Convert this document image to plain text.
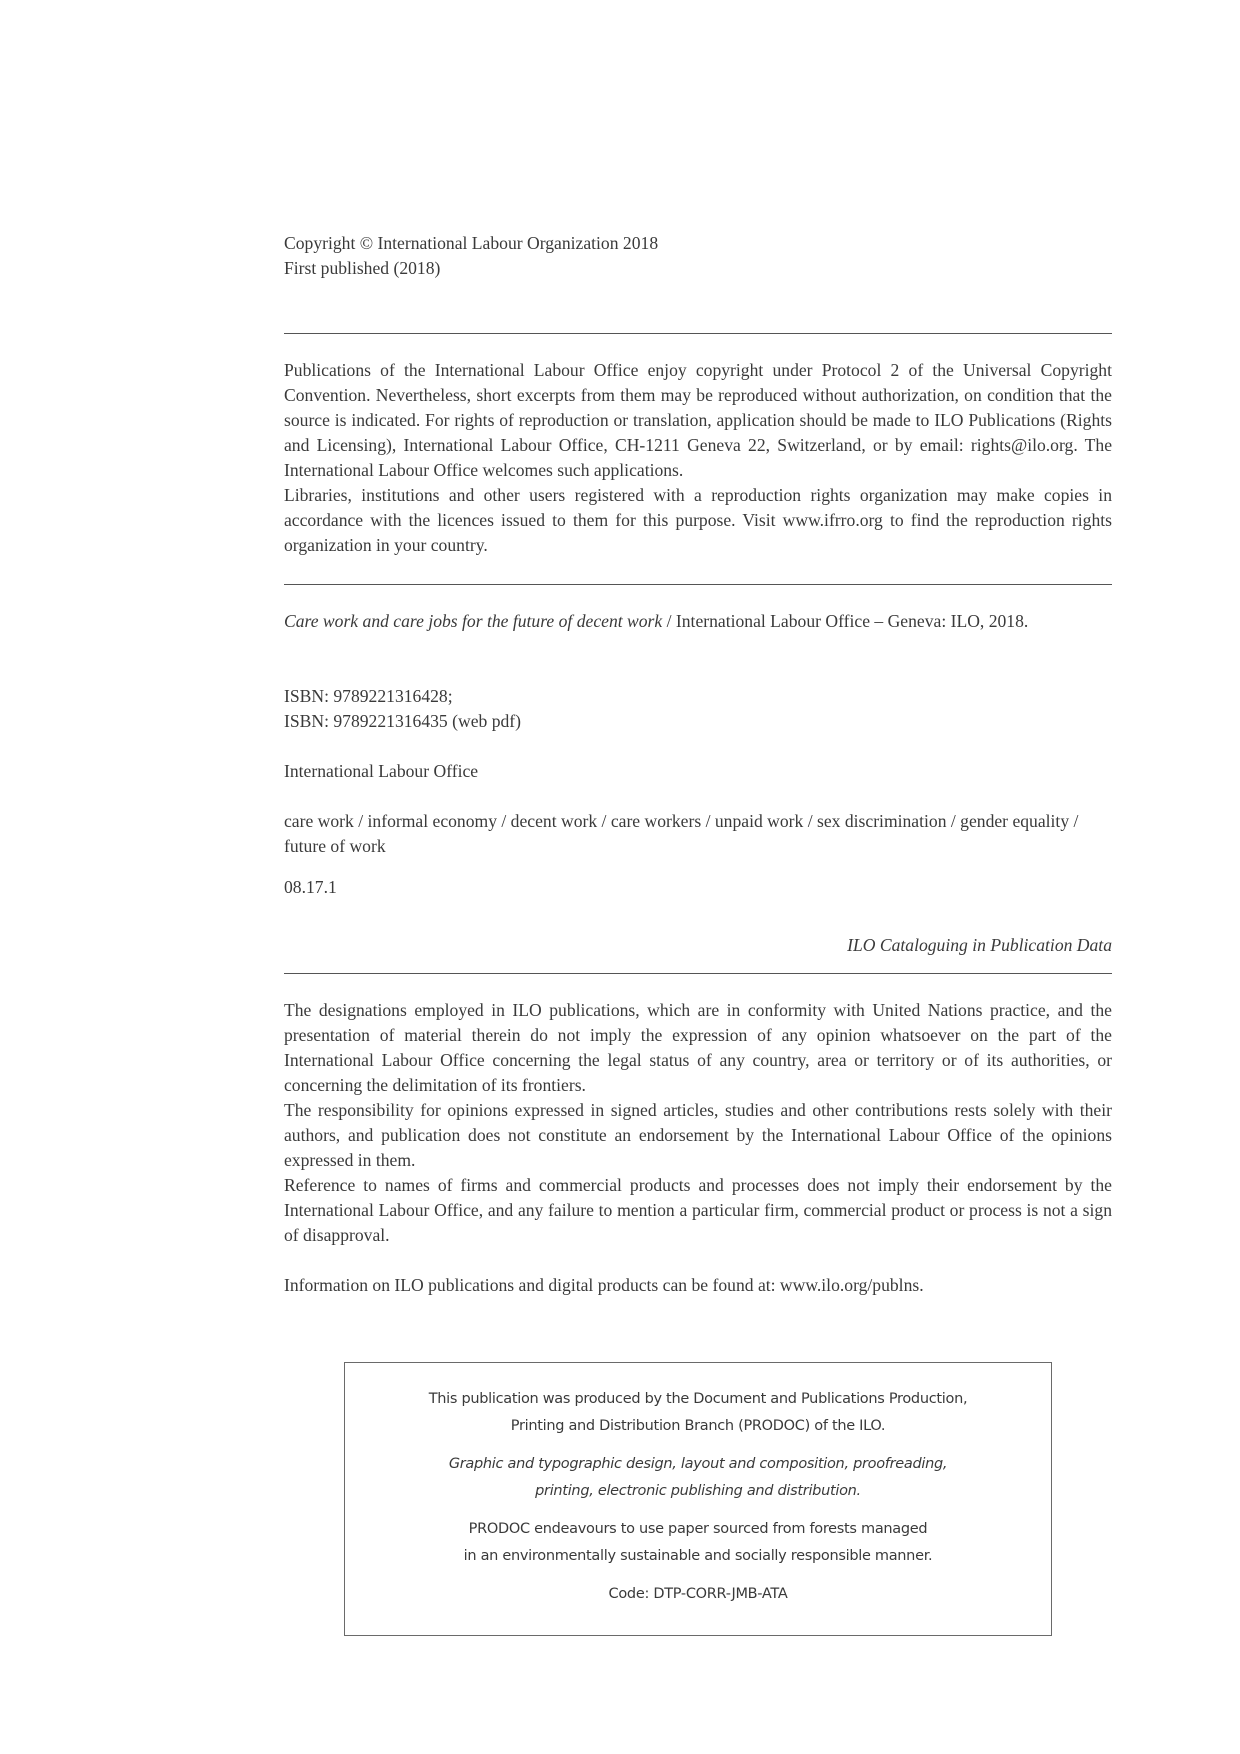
Copyright © International Labour Organization 2018

First published (2018)

Publications of the International Labour Office enjoy copyright under Protocol 2 of the Universal Copyright Convention. Nevertheless, short excerpts from them may be reproduced without authorization, on condition that the source is indicated. For rights of reproduction or translation, application should be made to ILO Publications (Rights and Licensing), International Labour Office, CH-1211 Geneva 22, Switzerland, or by email: rights@ilo.org. The International Labour Office welcomes such applications.

Libraries, institutions and other users registered with a reproduction rights organization may make copies in accordance with the licences issued to them for this purpose. Visit www.ifrro.org to find the reproduction rights organization in your country.

Care work and care jobs for the future of decent work / International Labour Office – Geneva: ILO, 2018.

ISBN: 9789221316428;

ISBN: 9789221316435 (web pdf)

International Labour Office

care work / informal economy / decent work / care workers / unpaid work / sex discrimination / gender equality / future of work

08.17.1

ILO Cataloguing in Publication Data

The designations employed in ILO publications, which are in conformity with United Nations practice, and the presentation of material therein do not imply the expression of any opinion whatsoever on the part of the International Labour Office concerning the legal status of any country, area or territory or of its authorities, or concerning the delimitation of its frontiers.

The responsibility for opinions expressed in signed articles, studies and other contributions rests solely with their authors, and publication does not constitute an endorsement by the International Labour Office of the opinions expressed in them.

Reference to names of firms and commercial products and processes does not imply their endorsement by the International Labour Office, and any failure to mention a particular firm, commercial product or process is not a sign of disapproval.

Information on ILO publications and digital products can be found at: www.ilo.org/publns.

This publication was produced by the Document and Publications Production,
Printing and Distribution Branch (PRODOC) of the ILO.

Graphic and typographic design, layout and composition, proofreading,
printing, electronic publishing and distribution.

PRODOC endeavours to use paper sourced from forests managed
in an environmentally sustainable and socially responsible manner.

Code: DTP-CORR-JMB-ATA
